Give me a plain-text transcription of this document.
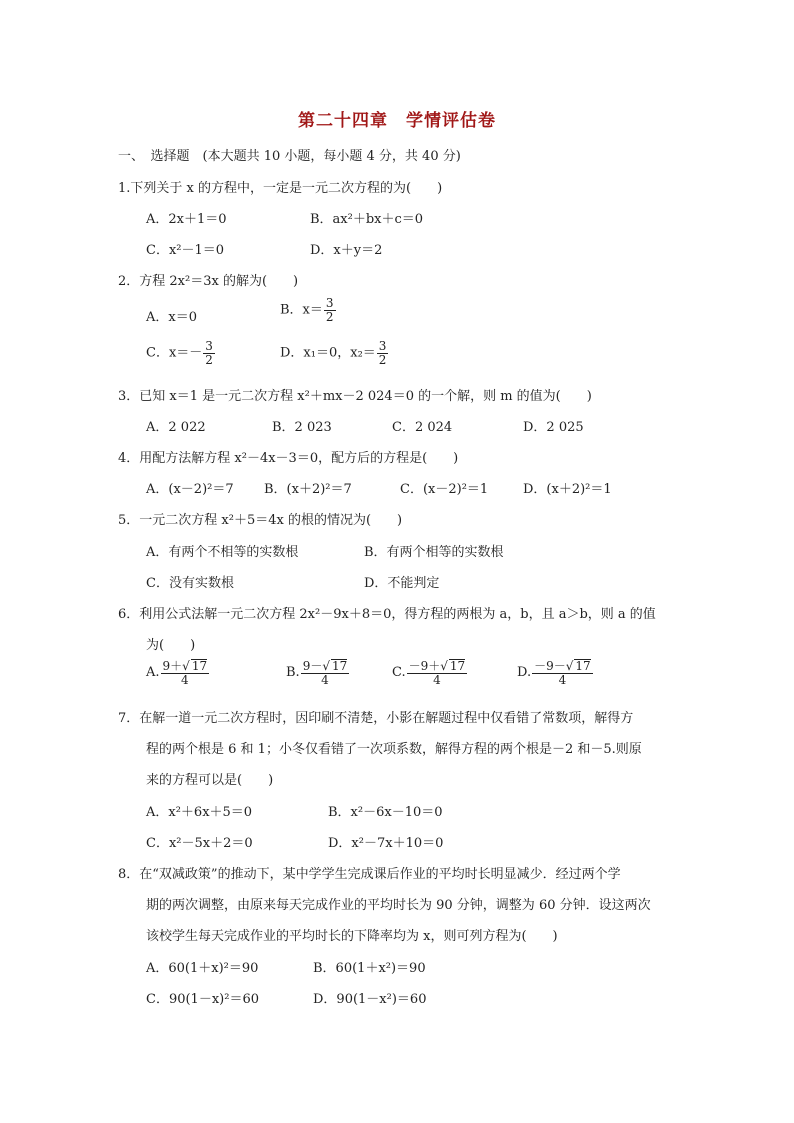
第二十四章　学情评估卷
一、　选择题　(本大题共 10 小题，每小题 4 分，共 40 分)
1.下列关于 x 的方程中，一定是一元二次方程的为(　　)
A．2x＋1＝0	B．ax²＋bx＋c＝0
C．x²－1＝0	D．x＋y＝2
2．方程 2x²＝3x 的解为(　　)
A．x＝0	B．$x= \frac{3}{2}$
C．$x=- \frac{3}{2}$	D．x₁＝0，$x_2= \frac{3}{2}$
3．已知 x＝1 是一元二次方程 x²＋mx－2 024＝0 的一个解，则 m 的值为(　　)
A．2 022	B．2 023	C．2 024	D．2 025
4．用配方法解方程 x²－4x－3＝0，配方后的方程是(　　)
A．(x－2)²＝7 B．(x＋2)²＝7	C．(x－2)²＝1	D．(x＋2)²＝1
5．一元二次方程 x²＋5＝4x 的根的情况为(　　)
A．有两个不相等的实数根	B．有两个相等的实数根
C．没有实数根	D．不能判定
6．利用公式法解一元二次方程 2x²－9x＋8＝0，得方程的两根为 a，b，且 a＞b，则 a 的值
为(　　)
A. $\frac{9+√ 17}{4}$	B. $\frac{9-√ 17}{4}$	C. $\frac{-9+√ 17}{4}$	D. $\frac{-9-√ 17}{4}$
7．在解一道一元二次方程时，因印刷不清楚，小影在解题过程中仅看错了常数项，解得方
程的两个根是 6 和 1；小冬仅看错了一次项系数，解得方程的两个根是－2 和－5.则原
来的方程可以是(　　)
A．x²＋6x＋5＝0	B．x²－6x－10＝0
C．x²－5x＋2＝0	D．x²－7x＋10＝0
8．在“双减政策”的推动下，某中学学生完成课后作业的平均时长明显减少．经过两个学
期的两次调整，由原来每天完成作业的平均时长为 90 分钟，调整为 60 分钟．设这两次
该校学生每天完成作业的平均时长的下降率均为 x，则可列方程为(　　)
A．60(1＋x)²＝90	B．60(1＋x²)＝90
C．90(1－x)²＝60	D．90(1－x²)＝60
